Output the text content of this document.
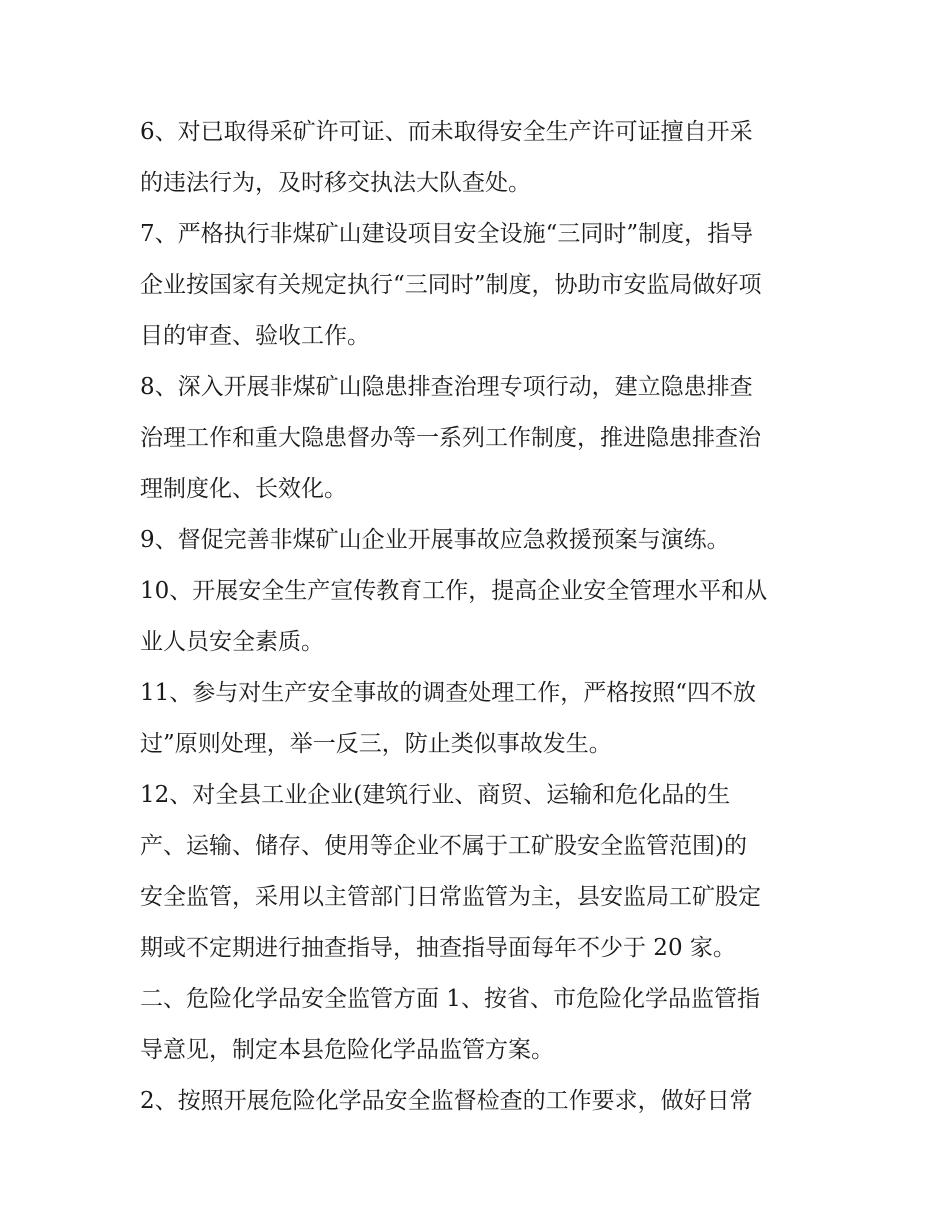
6、对已取得采矿许可证、而未取得安全生产许可证擅自开采
的违法行为，及时移交执法大队查处。

7、严格执行非煤矿山建设项目安全设施“三同时”制度，指导
企业按国家有关规定执行“三同时”制度，协助市安监局做好项
目的审查、验收工作。

8、深入开展非煤矿山隐患排查治理专项行动，建立隐患排查
治理工作和重大隐患督办等一系列工作制度，推进隐患排查治
理制度化、长效化。

9、督促完善非煤矿山企业开展事故应急救援预案与演练。

10、开展安全生产宣传教育工作，提高企业安全管理水平和从
业人员安全素质。

11、参与对生产安全事故的调查处理工作，严格按照“四不放
过”原则处理，举一反三，防止类似事故发生。

12、对全县工业企业(建筑行业、商贸、运输和危化品的生
产、运输、储存、使用等企业不属于工矿股安全监管范围)的
安全监管，采用以主管部门日常监管为主，县安监局工矿股定
期或不定期进行抽查指导，抽查指导面每年不少于 20 家。

二、危险化学品安全监管方面 1、按省、市危险化学品监管指
导意见，制定本县危险化学品监管方案。

2、按照开展危险化学品安全监督检查的工作要求，做好日常
